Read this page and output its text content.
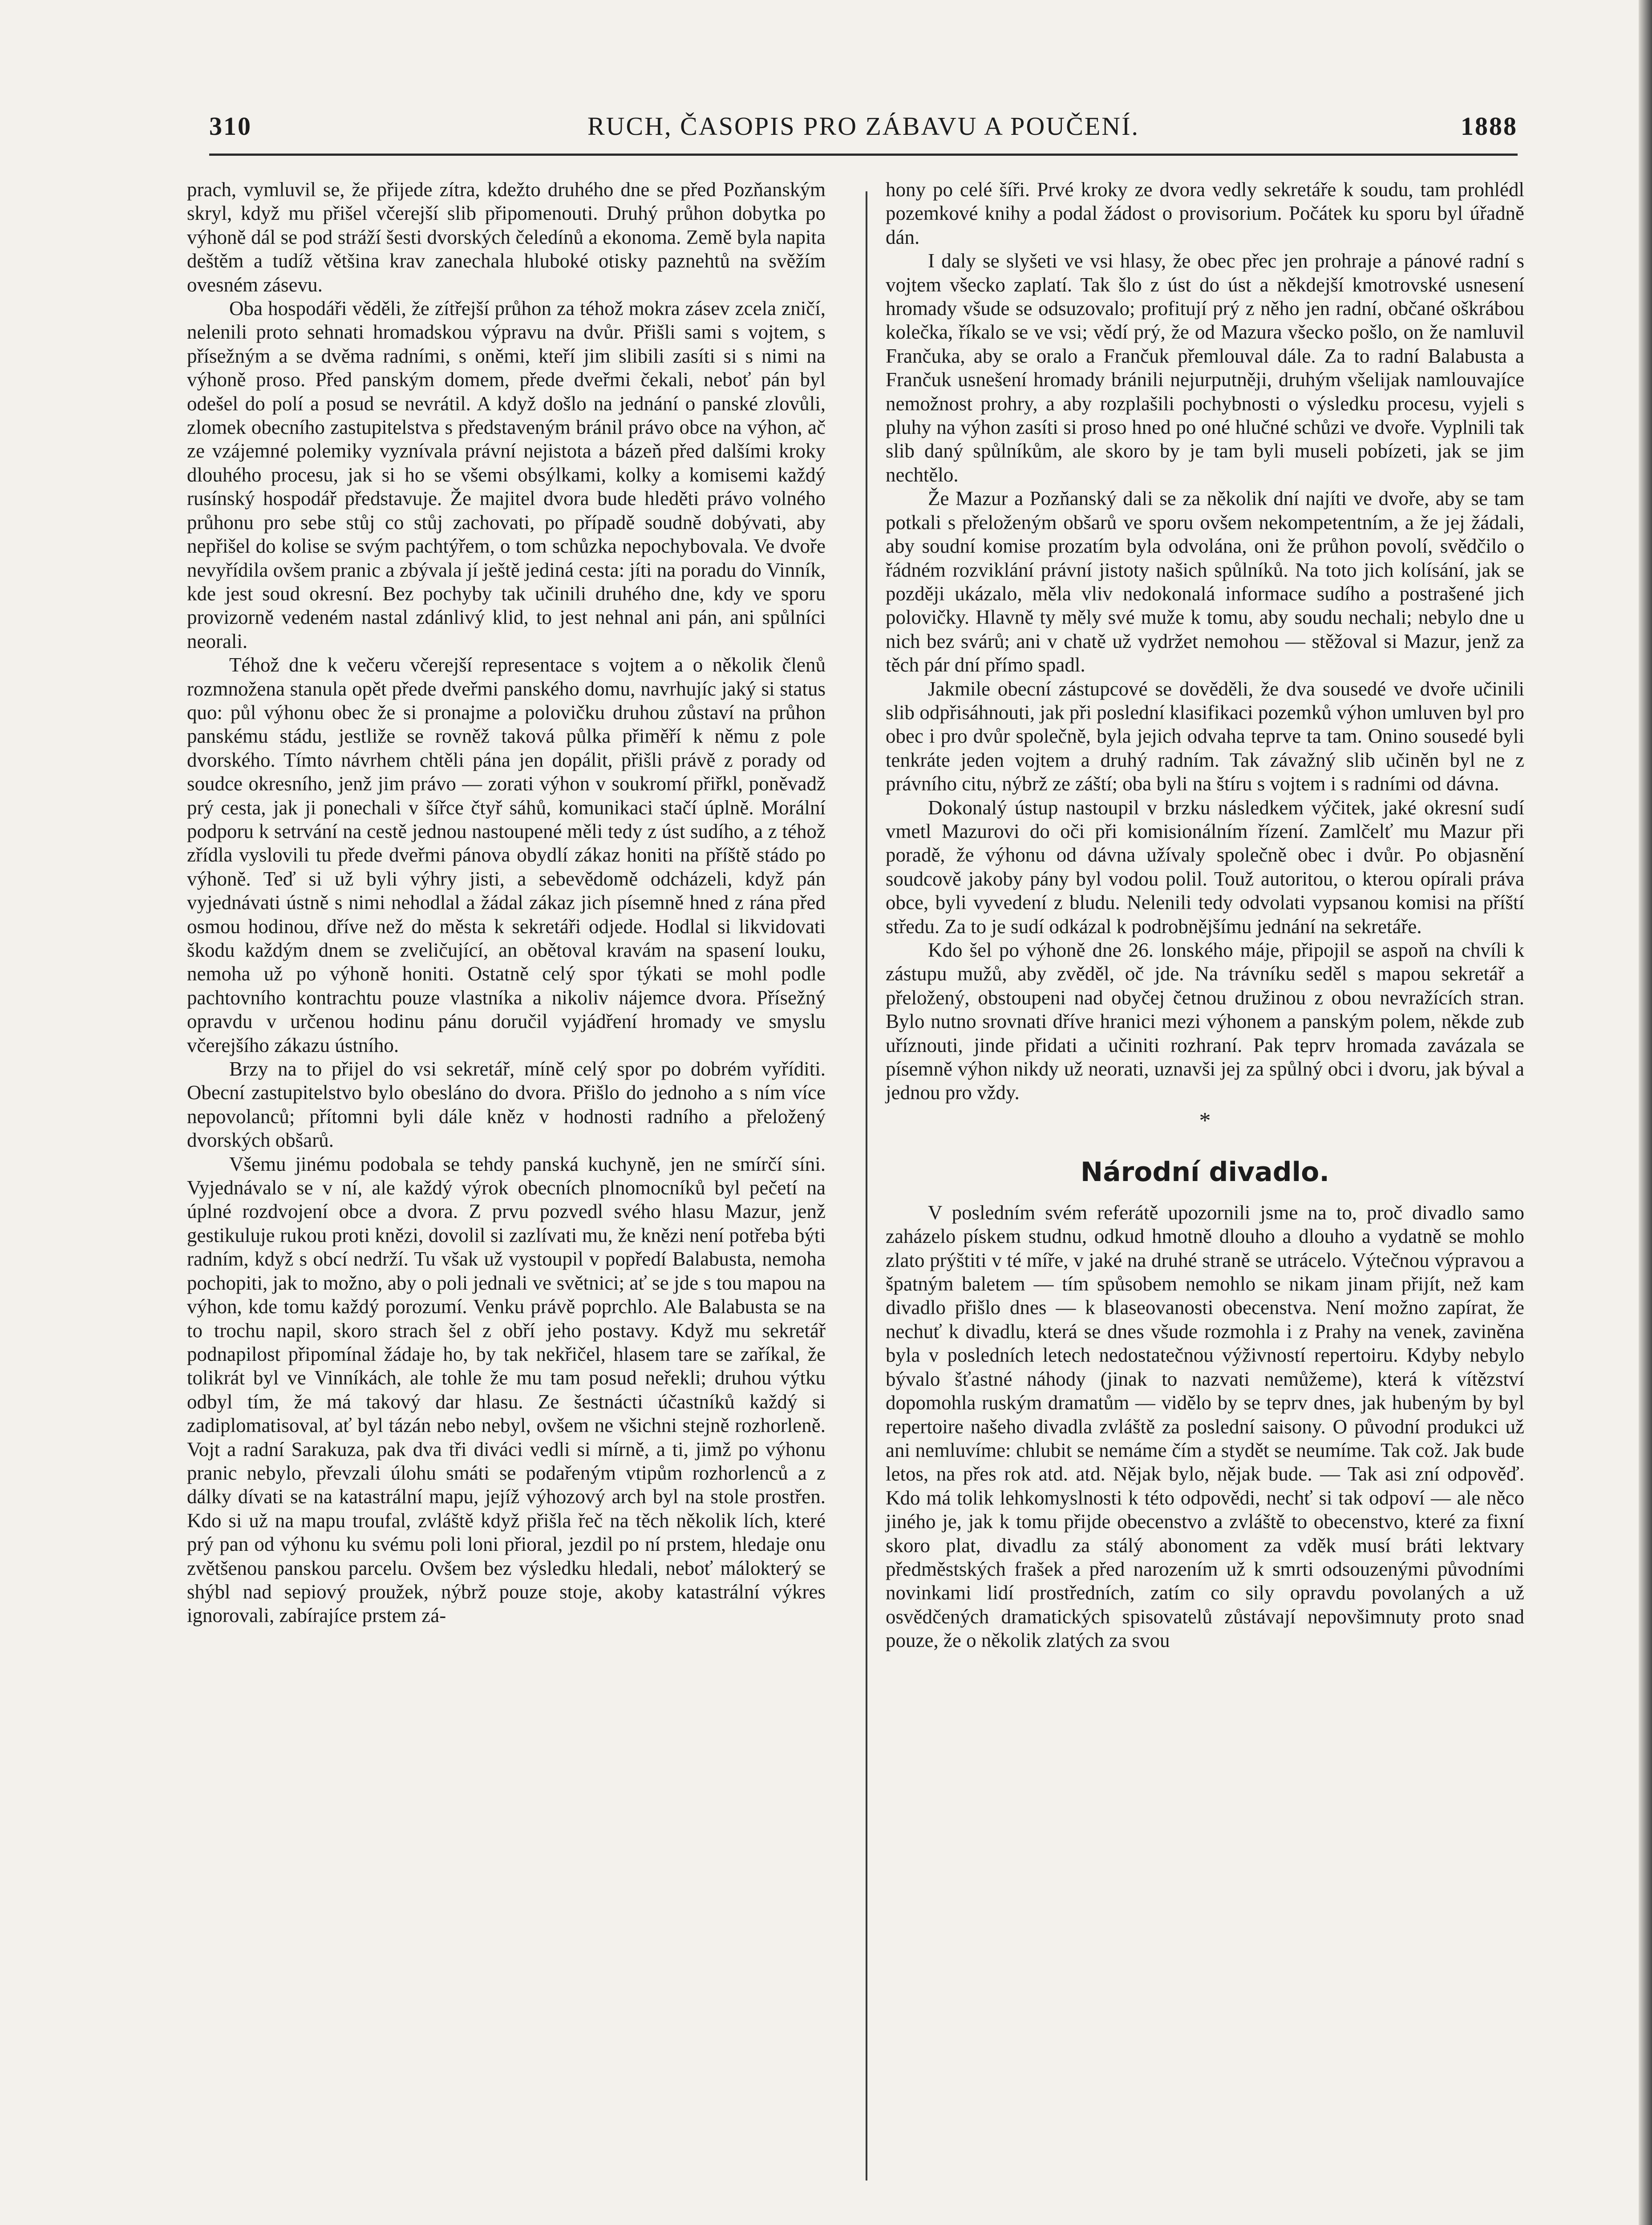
310	RUCH, ČASOPIS PRO ZÁBAVU A POUČENÍ.	1888

prach, vymluvil se, že přijede zítra, kdežto druhého dne se před Pozňanským skryl, když mu přišel včerejší slib připomenouti. Druhý průhon dobytka po výhoně dál se pod stráží šesti dvorských čeledínů a ekonoma. Země byla napita deštěm a tudíž většina krav zanechala hluboké otisky paznehtů na svěžím ovesném zásevu.

Oba hospodáři věděli, že zítřejší průhon za téhož mokra zásev zcela zničí, nelenili proto sehnati hromadskou výpravu na dvůr. Přišli sami s vojtem, s přísežným a se dvěma radními, s oněmi, kteří jim slibili zasíti si s nimi na výhoně proso. Před panským domem, přede dveřmi čekali, neboť pán byl odešel do polí a posud se nevrátil. A když došlo na jednání o panské zlovůli, zlomek obecního zastupitelstva s představeným bránil právo obce na výhon, ač ze vzájemné polemiky vyznívala právní nejistota a bázeň před dalšími kroky dlouhého procesu, jak si ho se všemi obsýlkami, kolky a komisemi každý rusínský hospodář představuje. Že majitel dvora bude hleděti právo volného průhonu pro sebe stůj co stůj zachovati, po případě soudně dobývati, aby nepřišel do kolise se svým pachtýřem, o tom schůzka nepochybovala. Ve dvoře nevyřídila ovšem pranic a zbývala jí ještě jediná cesta: jíti na poradu do Vinník, kde jest soud okresní. Bez pochyby tak učinili druhého dne, kdy ve sporu provizorně vedeném nastal zdánlivý klid, to jest nehnal ani pán, ani spůlníci neorali.

Téhož dne k večeru včerejší representace s vojtem a o několik členů rozmnožena stanula opět přede dveřmi panského domu, navrhujíc jaký si status quo: půl výhonu obec že si pronajme a polovičku druhou zůstaví na průhon panskému stádu, jestliže se rovněž taková půlka přiměří k němu z pole dvorského. Tímto návrhem chtěli pána jen dopálit, přišli právě z porady od soudce okresního, jenž jim právo — zorati výhon v soukromí přiřkl, poněvadž prý cesta, jak ji ponechali v šířce čtyř sáhů, komunikaci stačí úplně. Morální podporu k setrvání na cestě jednou nastoupené měli tedy z úst sudího, a z téhož zřídla vyslovili tu přede dveřmi pánova obydlí zákaz honiti na příště stádo po výhoně. Teď si už byli výhry jisti, a sebevědomě odcházeli, když pán vyjednávati ústně s nimi nehodlal a žádal zákaz jich písemně hned z rána před osmou hodinou, dříve než do města k sekretáři odjede. Hodlal si likvidovati škodu každým dnem se zveličující, an obětoval kravám na spasení louku, nemoha už po výhoně honiti. Ostatně celý spor týkati se mohl podle pachtovního kontrachtu pouze vlastníka a nikoliv nájemce dvora. Přísežný opravdu v určenou hodinu pánu doručil vyjádření hromady ve smyslu včerejšího zákazu ústního.

Brzy na to přijel do vsi sekretář, míně celý spor po dobrém vyříditi. Obecní zastupitelstvo bylo obesláno do dvora. Přišlo do jednoho a s ním více nepovolanců; přítomni byli dále kněz v hodnosti radního a přeložený dvorských obšarů.

Všemu jinému podobala se tehdy panská kuchyně, jen ne smírčí síni. Vyjednávalo se v ní, ale každý výrok obecních plnomocníků byl pečetí na úplné rozdvojení obce a dvora. Z prvu pozvedl svého hlasu Mazur, jenž gestikuluje rukou proti knězi, dovolil si zazlívati mu, že knězi není potřeba býti radním, když s obcí nedrží. Tu však už vystoupil v popředí Balabusta, nemoha pochopiti, jak to možno, aby o poli jednali ve světnici; ať se jde s tou mapou na výhon, kde tomu každý porozumí. Venku právě poprchlo. Ale Balabusta se na to trochu napil, skoro strach šel z obří jeho postavy. Když mu sekretář podnapilost připomínal žádaje ho, by tak nekřičel, hlasem tare se zaříkal, že tolikrát byl ve Vinníkách, ale tohle že mu tam posud neřekli; druhou výtku odbyl tím, že má takový dar hlasu. Ze šestnácti účastníků každý si zadiplomatisoval, ať byl tázán nebo nebyl, ovšem ne všichni stejně rozhorleně. Vojt a radní Sarakuza, pak dva tři diváci vedli si mírně, a ti, jimž po výhonu pranic nebylo, převzali úlohu smáti se podařeným vtipům rozhorlenců a z dálky dívati se na katastrální mapu, jejíž výhozový arch byl na stole prostřen. Kdo si už na mapu troufal, zvláště když přišla řeč na těch několik lích, které prý pan od výhonu ku svému poli loni přioral, jezdil po ní prstem, hledaje onu zvětšenou panskou parcelu. Ovšem bez výsledku hledali, neboť málokterý se shýbl nad sepiový proužek, nýbrž pouze stoje, akoby katastrální výkres ignorovali, zabírajíce prstem zá-

hony po celé šíři. Prvé kroky ze dvora vedly sekretáře k soudu, tam prohlédl pozemkové knihy a podal žádost o provisorium. Počátek ku sporu byl úřadně dán.

I daly se slyšeti ve vsi hlasy, že obec přec jen prohraje a pánové radní s vojtem všecko zaplatí. Tak šlo z úst do úst a někdejší kmotrovské usnesení hromady všude se odsuzovalo; profitují prý z něho jen radní, občané oškrábou kolečka, říkalo se ve vsi; vědí prý, že od Mazura všecko pošlo, on že namluvil Frančuka, aby se oralo a Frančuk přemlouval dále. Za to radní Balabusta a Frančuk usnešení hromady bránili nejurputněji, druhým všelijak namlouvajíce nemožnost prohry, a aby rozplašili pochybnosti o výsledku procesu, vyjeli s pluhy na výhon zasíti si proso hned po oné hlučné schůzi ve dvoře. Vyplnili tak slib daný spůlníkům, ale skoro by je tam byli museli pobízeti, jak se jim nechtělo.

Že Mazur a Pozňanský dali se za několik dní najíti ve dvoře, aby se tam potkali s přeloženým obšarů ve sporu ovšem nekompetentním, a že jej žádali, aby soudní komise prozatím byla odvolána, oni že průhon povolí, svědčilo o řádném rozviklání právní jistoty našich spůlníků. Na toto jich kolísání, jak se později ukázalo, měla vliv nedokonalá informace sudího a postrašené jich polovičky. Hlavně ty měly své muže k tomu, aby soudu nechali; nebylo dne u nich bez svárů; ani v chatě už vydržet nemohou — stěžoval si Mazur, jenž za těch pár dní přímo spadl.

Jakmile obecní zástupcové se dověděli, že dva sousedé ve dvoře učinili slib odpřisáhnouti, jak při poslední klasifikaci pozemků výhon umluven byl pro obec i pro dvůr společně, byla jejich odvaha teprve ta tam. Onino sousedé byli tenkráte jeden vojtem a druhý radním. Tak závažný slib učiněn byl ne z právního citu, nýbrž ze záští; oba byli na štíru s vojtem i s radními od dávna.

Dokonalý ústup nastoupil v brzku následkem výčitek, jaké okresní sudí vmetl Mazurovi do oči při komisionálním řízení. Zamlčelť mu Mazur při poradě, že výhonu od dávna užívaly společně obec i dvůr. Po objasnění soudcově jakoby pány byl vodou polil. Touž autoritou, o kterou opírali práva obce, byli vyvedení z bludu. Nelenili tedy odvolati vypsanou komisi na příští středu. Za to je sudí odkázal k podrobnějšímu jednání na sekretáře.

Kdo šel po výhoně dne 26. lonského máje, připojil se aspoň na chvíli k zástupu mužů, aby zvěděl, oč jde. Na trávníku seděl s mapou sekretář a přeložený, obstoupeni nad obyčej četnou družinou z obou nevražících stran. Bylo nutno srovnati dříve hranici mezi výhonem a panským polem, někde zub uříznouti, jinde přidati a učiniti rozhraní. Pak teprv hromada zavázala se písemně výhon nikdy už neorati, uznavši jej za spůlný obci i dvoru, jak býval a jednou pro vždy.

*
Národní divadlo.

V posledním svém referátě upozornili jsme na to, proč divadlo samo zaházelo pískem studnu, odkud hmotně dlouho a dlouho a vydatně se mohlo zlato prýštiti v té míře, v jaké na druhé straně se utrácelo. Výtečnou výpravou a špatným baletem — tím spůsobem nemohlo se nikam jinam přijít, než kam divadlo přišlo dnes — k blaseovanosti obecenstva. Není možno zapírat, že nechuť k divadlu, která se dnes všude rozmohla i z Prahy na venek, zaviněna byla v posledních letech nedostatečnou výživností repertoiru. Kdyby nebylo bývalo šťastné náhody (jinak to nazvati nemůžeme), která k vítězství dopomohla ruským dramatům — vidělo by se teprv dnes, jak hubeným by byl repertoire našeho divadla zvláště za poslední saisony. O původní produkci už ani nemluvíme: chlubit se nemáme čím a stydět se neumíme. Tak což. Jak bude letos, na přes rok atd. atd. Nějak bylo, nějak bude. — Tak asi zní odpověď. Kdo má tolik lehkomyslnosti k této odpovědi, nechť si tak odpoví — ale něco jiného je, jak k tomu přijde obecenstvo a zvláště to obecenstvo, které za fixní skoro plat, divadlu za stálý abonoment za vděk musí bráti lektvary předměstských frašek a před narozením už k smrti odsouzenými původními novinkami lidí prostředních, zatím co sily opravdu povolaných a už osvědčených dramatických spisovatelů zůstávají nepovšimnuty proto snad pouze, že o několik zlatých za svou
